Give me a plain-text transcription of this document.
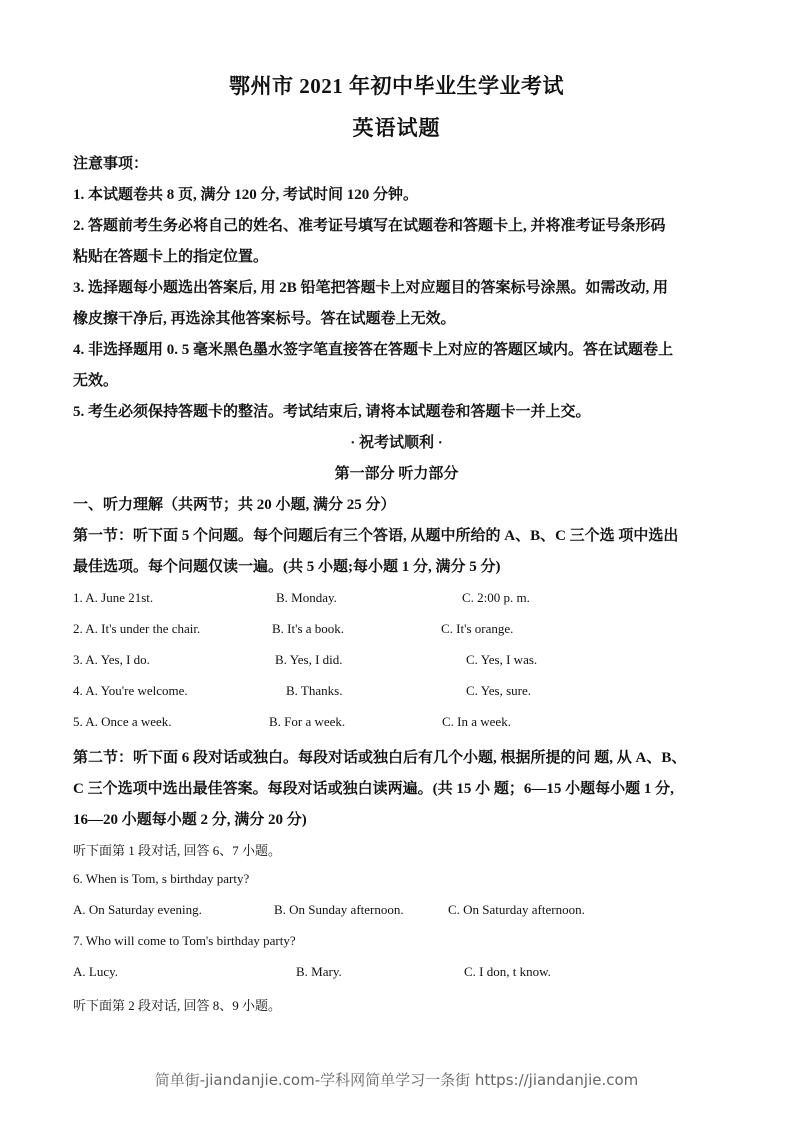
鄂州市 2021 年初中毕业生学业考试
英语试题
注意事项：
1. 本试题卷共 8 页, 满分 120 分, 考试时间 120 分钟。
2. 答题前考生务必将自己的姓名、准考证号填写在试题卷和答题卡上, 并将准考证号条形码
粘贴在答题卡上的指定位置。
3. 选择题每小题选出答案后, 用 2B 铅笔把答题卡上对应题目的答案标号涂黑。如需改动, 用
橡皮擦干净后, 再选涂其他答案标号。答在试题卷上无效。
4. 非选择题用 0. 5 毫米黑色墨水签字笔直接答在答题卡上对应的答题区域内。答在试题卷上
无效。
5. 考生必须保持答题卡的整洁。考试结束后, 请将本试题卷和答题卡一并上交。
· 祝考试顺利 ·
第一部分 听力部分
一、听力理解（共两节；共 20 小题, 满分 25 分）
第一节：听下面 5 个问题。每个问题后有三个答语, 从题中所给的 A、B、C 三个选 项中选出
最佳选项。每个问题仅读一遍。(共 5 小题;每小题 1 分, 满分 5 分)
1. A. June 21st.	B. Monday.	C. 2:00 p. m.
2. A. It's under the chair.	B. It's a book.	C. It's orange.
3. A. Yes, I do.	B. Yes, I did.	C. Yes, I was.
4. A. You're welcome.	B. Thanks.	C. Yes, sure.
5. A. Once a week.	B. For a week.	C. In a week.
第二节：听下面 6 段对话或独白。每段对话或独白后有几个小题, 根据所提的问 题, 从 A、B、
C 三个选项中选出最佳答案。每段对话或独白读两遍。(共 15 小 题；6—15 小题每小题 1 分,
16—20 小题每小题 2 分, 满分 20 分)
听下面第 1 段对话, 回答 6、7 小题。
6. When is Tom, s birthday party?
A. On Saturday evening.	B. On Sunday afternoon.	C. On Saturday afternoon.
7. Who will come to Tom's birthday party?
A. Lucy.	B. Mary.	C. I don, t know.
听下面第 2 段对话, 回答 8、9 小题。
简单街-jiandanjie.com-学科网简单学习一条街 https://jiandanjie.com
